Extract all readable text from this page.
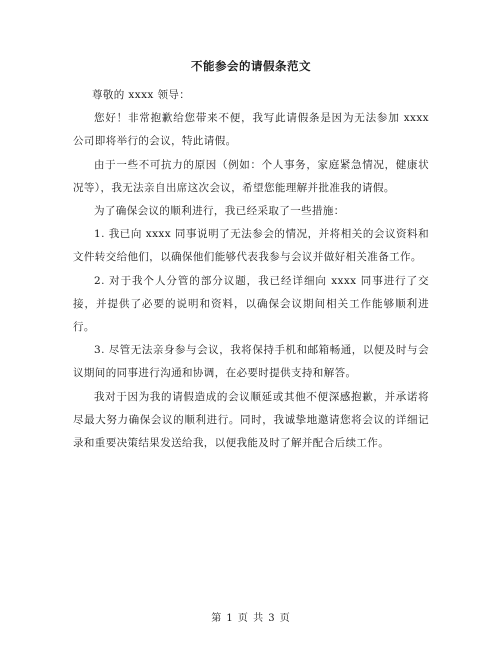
不能参会的请假条范文

尊敬的 xxxx 领导：

您好！非常抱歉给您带来不便，我写此请假条是因为无法参加 xxxx 公司即将举行的会议，特此请假。

由于一些不可抗力的原因（例如：个人事务，家庭紧急情况，健康状况等），我无法亲自出席这次会议，希望您能理解并批准我的请假。

为了确保会议的顺利进行，我已经采取了一些措施：

1. 我已向 xxxx 同事说明了无法参会的情况，并将相关的会议资料和文件转交给他们，以确保他们能够代表我参与会议并做好相关准备工作。

2. 对于我个人分管的部分议题，我已经详细向 xxxx 同事进行了交接，并提供了必要的说明和资料，以确保会议期间相关工作能够顺利进行。

3. 尽管无法亲身参与会议，我将保持手机和邮箱畅通，以便及时与会议期间的同事进行沟通和协调，在必要时提供支持和解答。

我对于因为我的请假造成的会议顺延或其他不便深感抱歉，并承诺将尽最大努力确保会议的顺利进行。同时，我诚挚地邀请您将会议的详细记录和重要决策结果发送给我，以便我能及时了解并配合后续工作。

第 1 页 共 3 页
